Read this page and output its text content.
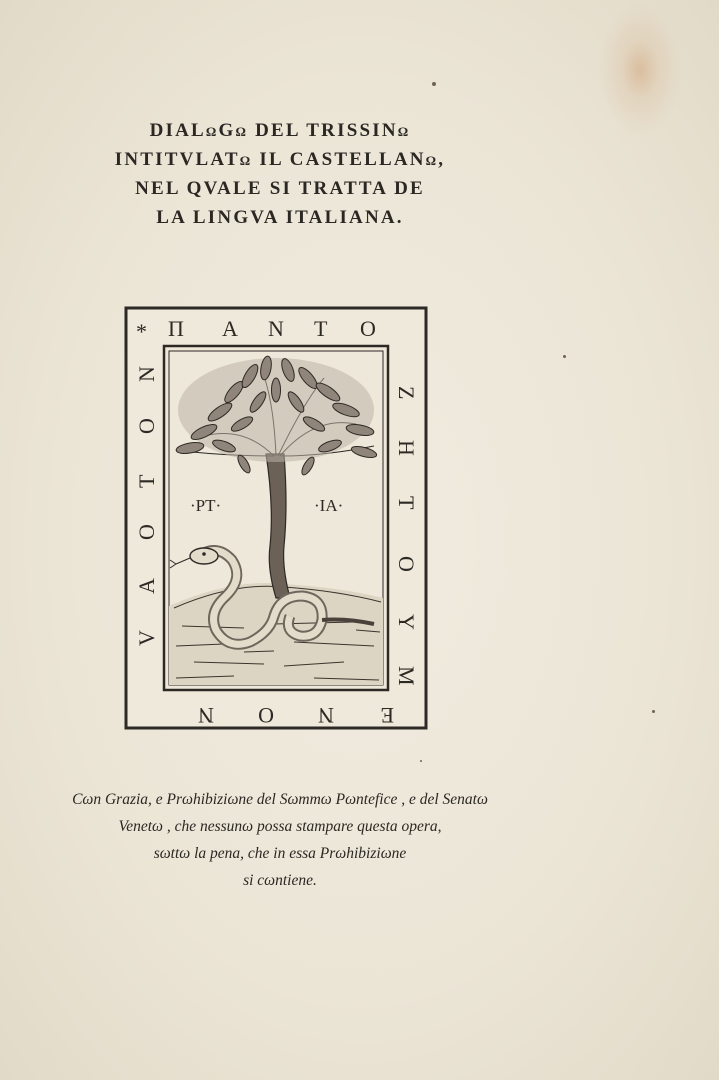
DIALωGω DEL TRISSINω
INTITVLATω IL CASTELLANω,
NEL QVALE SI TRATTA DE
LA LINGVA ITALIANA.
* Π A N T O
Z
H
T
O
Y
M
V
A
O
T
O
N
E
N
O
N
·PT·	·IA·
Cωn Grazia, e Prωhibiziωne del Sωmmω Pωntefice , e del Senatω
Venetω , che nessunω possa stampare questa opera,
sωttω la pena, che in essa Prωhibiziωne
si cωntiene.
